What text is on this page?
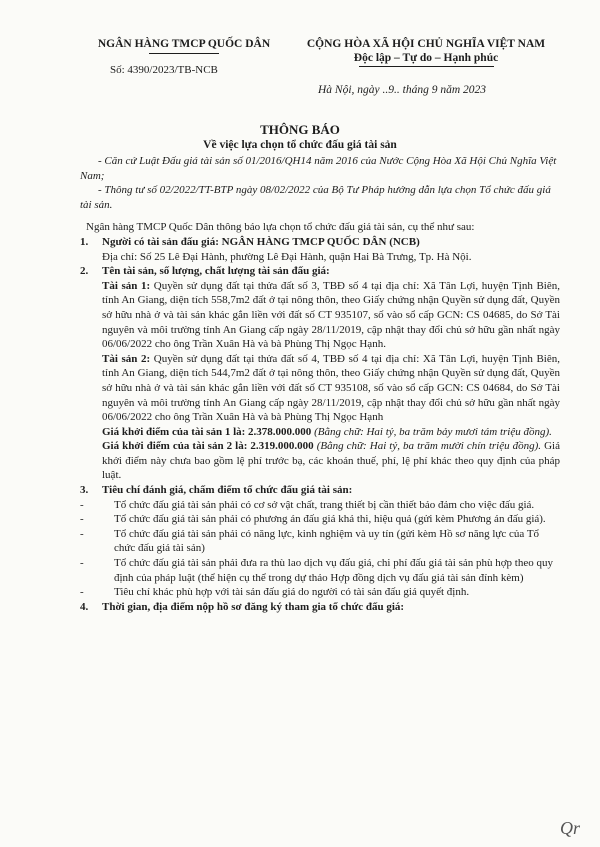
NGÂN HÀNG TMCP QUỐC DÂN
Số: 4390/2023/TB-NCB
CỘNG HÒA XÃ HỘI CHỦ NGHĨA VIỆT NAM
Độc lập – Tự do – Hạnh phúc
Hà Nội, ngày ..9.. tháng 9 năm 2023
THÔNG BÁO
Về việc lựa chọn tổ chức đấu giá tài sản

- Căn cứ Luật Đấu giá tài sản số 01/2016/QH14 năm 2016 của Nước Cộng Hòa Xã Hội Chủ Nghĩa Việt Nam;

- Thông tư số 02/2022/TT-BTP ngày 08/02/2022 của Bộ Tư Pháp hướng dẫn lựa chọn Tổ chức đấu giá tài sản.

Ngân hàng TMCP Quốc Dân thông báo lựa chọn tổ chức đấu giá tài sản, cụ thể như sau:

1.	Người có tài sản đấu giá: NGÂN HÀNG TMCP QUỐC DÂN (NCB)

Địa chỉ: Số 25 Lê Đại Hành, phường Lê Đại Hành, quận Hai Bà Trưng, Tp. Hà Nội.

2.	Tên tài sản, số lượng, chất lượng tài sản đấu giá:

Tài sản 1: Quyền sử dụng đất tại thửa đất số 3, TBĐ số 4 tại địa chỉ: Xã Tân Lợi, huyện Tịnh Biên, tỉnh An Giang, diện tích 558,7m2 đất ở tại nông thôn, theo Giấy chứng nhận Quyền sử dụng đất, Quyền sở hữu nhà ở và tài sản khác gắn liền với đất số CT 935107, số vào sổ cấp GCN: CS 04685, do Sở Tài nguyên và môi trường tỉnh An Giang cấp ngày 28/11/2019, cập nhật thay đổi chủ sở hữu gần nhất ngày 06/06/2022 cho ông Trần Xuân Hà và bà Phùng Thị Ngọc Hạnh.

Tài sản 2: Quyền sử dụng đất tại thửa đất số 4, TBĐ số 4 tại địa chỉ: Xã Tân Lợi, huyện Tịnh Biên, tỉnh An Giang, diện tích 544,7m2 đất ở tại nông thôn, theo Giấy chứng nhận Quyền sử dụng đất, Quyền sở hữu nhà ở và tài sản khác gắn liền với đất số CT 935108, số vào sổ cấp GCN: CS 04684, do Sở Tài nguyên và môi trường tỉnh An Giang cấp ngày 28/11/2019, cập nhật thay đổi chủ sở hữu gần nhất ngày 06/06/2022 cho ông Trần Xuân Hà và bà Phùng Thị Ngọc Hạnh

Giá khởi điểm của tài sản 1 là: 2.378.000.000 (Bằng chữ: Hai tỷ, ba trăm bảy mươi tám triệu đồng).

Giá khởi điểm của tài sản 2 là: 2.319.000.000 (Bằng chữ: Hai tỷ, ba trăm mười chín triệu đồng). Giá khởi điểm này chưa bao gồm lệ phí trước bạ, các khoản thuế, phí, lệ phí khác theo quy định của pháp luật.

3.	Tiêu chí đánh giá, chấm điểm tổ chức đấu giá tài sản:
-	Tổ chức đấu giá tài sản phải có cơ sở vật chất, trang thiết bị cần thiết bảo đảm cho việc đấu giá.
-	Tổ chức đấu giá tài sản phải có phương án đấu giá khả thi, hiệu quả (gửi kèm Phương án đấu giá).
-	Tổ chức đấu giá tài sản phải có năng lực, kinh nghiệm và uy tín (gửi kèm Hồ sơ năng lực của Tổ chức đấu giá tài sản)
-	Tổ chức đấu giá tài sản phải đưa ra thù lao dịch vụ đấu giá, chi phí đấu giá tài sản phù hợp theo quy định của pháp luật (thể hiện cụ thể trong dự thảo Hợp đồng dịch vụ đấu giá tài sản đính kèm)
-	Tiêu chí khác phù hợp với tài sản đấu giá do người có tài sản đấu giá quyết định.
4.	Thời gian, địa điểm nộp hồ sơ đăng ký tham gia tổ chức đấu giá:
Qr
